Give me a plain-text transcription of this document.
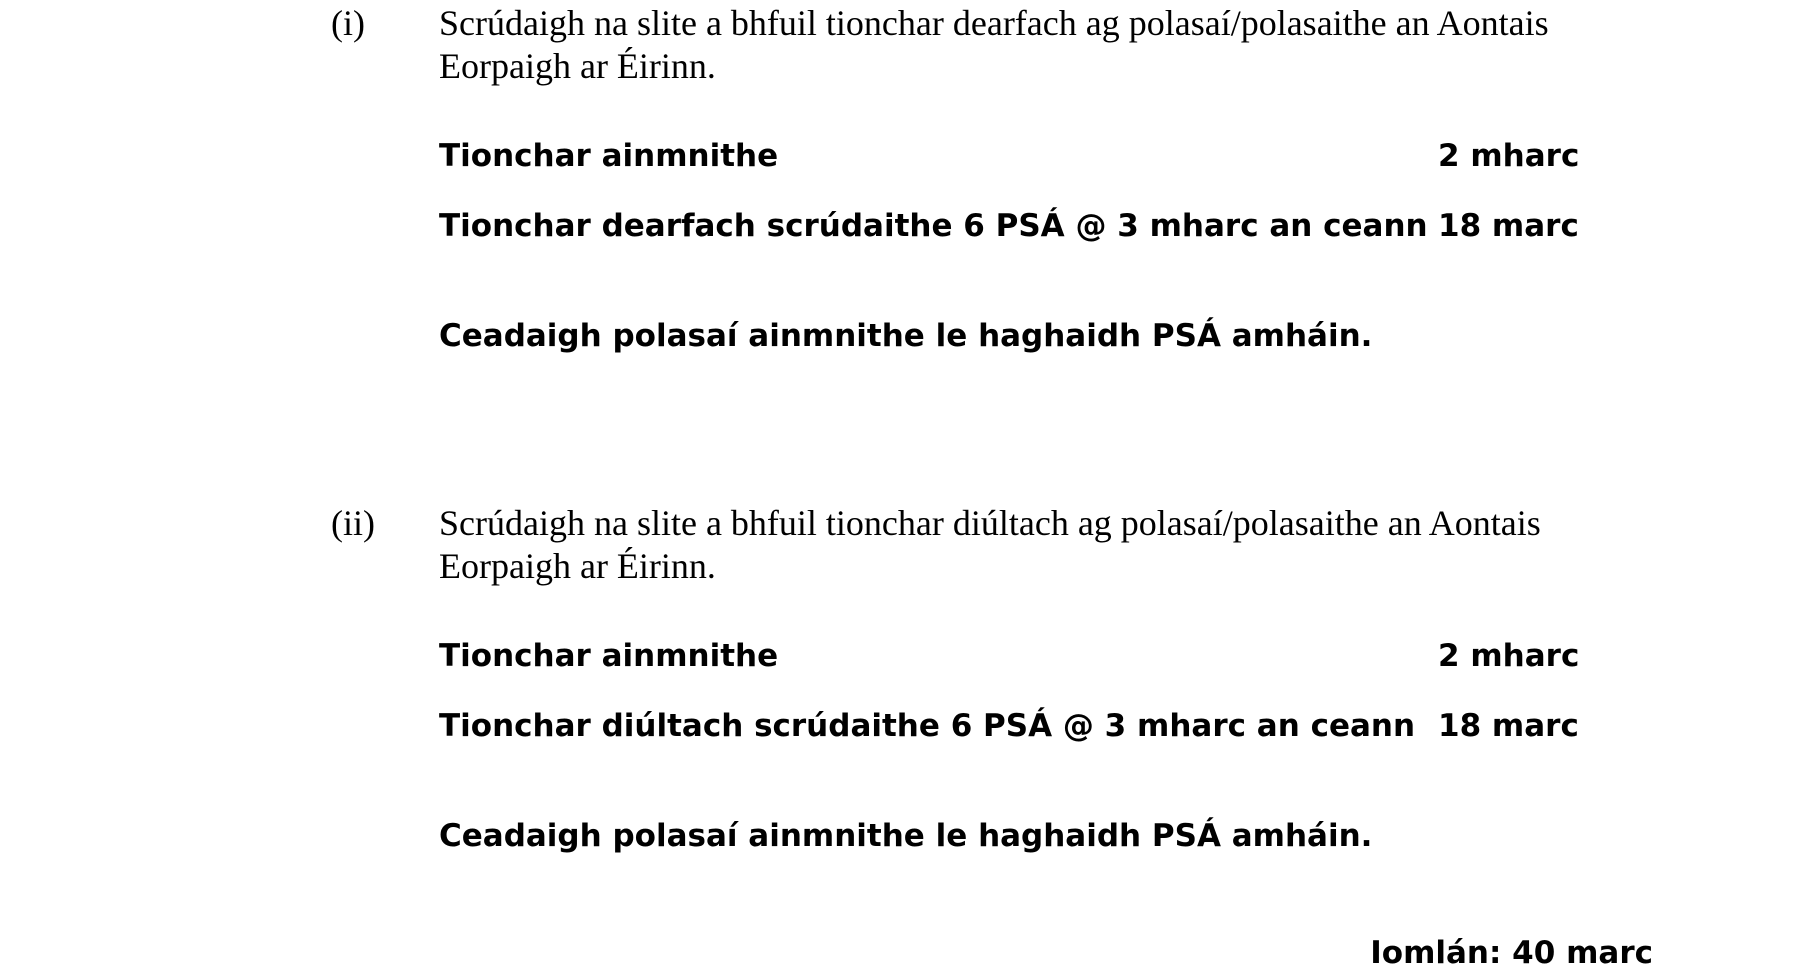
(i) Scrúdaigh na slite a bhfuil tionchar dearfach ag polasaí/polasaithe an Aontais Eorpaigh ar Éirinn.

Tionchar ainmnithe	2 mharc
Tionchar dearfach scrúdaithe 6 PSÁ @ 3 mharc an ceann 18 marc
Ceadaigh polasaí ainmnithe le haghaidh PSÁ amháin.
(ii) Scrúdaigh na slite a bhfuil tionchar diúltach ag polasaí/polasaithe an Aontais Eorpaigh ar Éirinn.

Tionchar ainmnithe	2 mharc
Tionchar diúltach scrúdaithe 6 PSÁ @ 3 mharc an ceann 18 marc
Ceadaigh polasaí ainmnithe le haghaidh PSÁ amháin.
Iomlán: 40 marc
